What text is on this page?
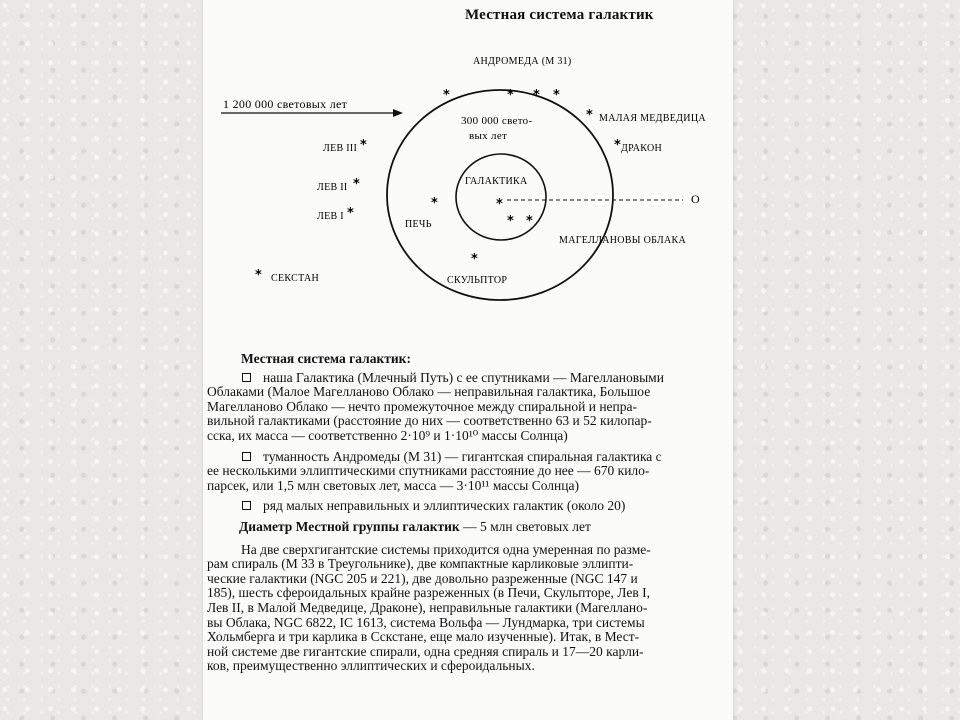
Местная система галактик
АНДРОМЕДА (М 31)
1 200 000 световых лет
300 000 свето-
вых лет
МАЛАЯ МЕДВЕДИЦА
ДРАКОН
ЛЕВ III
ЛЕВ II
ЛЕВ I
ГАЛАКТИКА
О
ПЕЧЬ
МАГЕЛЛАНОВЫ ОБЛАКА
СКУЛЬПТОР
СЕКСТАН
*	* * *
*
*
*
*
*
*	*
* *
*
*
Местная система галактик:
наша Галактика (Млечный Путь) с ее спутниками — Магеллановыми
Облаками (Малое Магелланово Облако — неправильная галактика, Большое
Магелланово Облако — нечто промежуточное между спиральной и непра-
вильной галактиками (расстояние до них — соответственно 63 и 52 килопар-
сска, их масса — соответственно 2·10⁹ и 1·10¹⁰ массы Солнца)
туманность Андромеды (М 31) — гигантская спиральная галактика с
ее несколькими эллиптическими спутниками расстояние до нее — 670 кило-
парсек, или 1,5 млн световых лет, масса — 3·10¹¹ массы Солнца)
ряд малых неправильных и эллиптических галактик (около 20)
Диаметр Местной группы галактик — 5 млн световых лет
На две сверхгигантские системы приходится одна умеренная по разме-
рам спираль (М 33 в Треугольнике), две компактные карликовые эллипти-
ческие галактики (NGC 205 и 221), две довольно разреженные (NGC 147 и
185), шесть сфероидальных крайне разреженных (в Печи, Скульпторе, Лев I,
Лев II, в Малой Медведице, Драконе), неправильные галактики (Магеллано-
вы Облака, NGC 6822, IC 1613, система Вольфа — Лундмарка, три системы
Хольмберга и три карлика в Сскстане, еще мало изученные). Итак, в Мест-
ной системе две гигантские спирали, одна средняя спираль и 17—20 карли-
ков, преимущественно эллиптических и сфероидальных.
